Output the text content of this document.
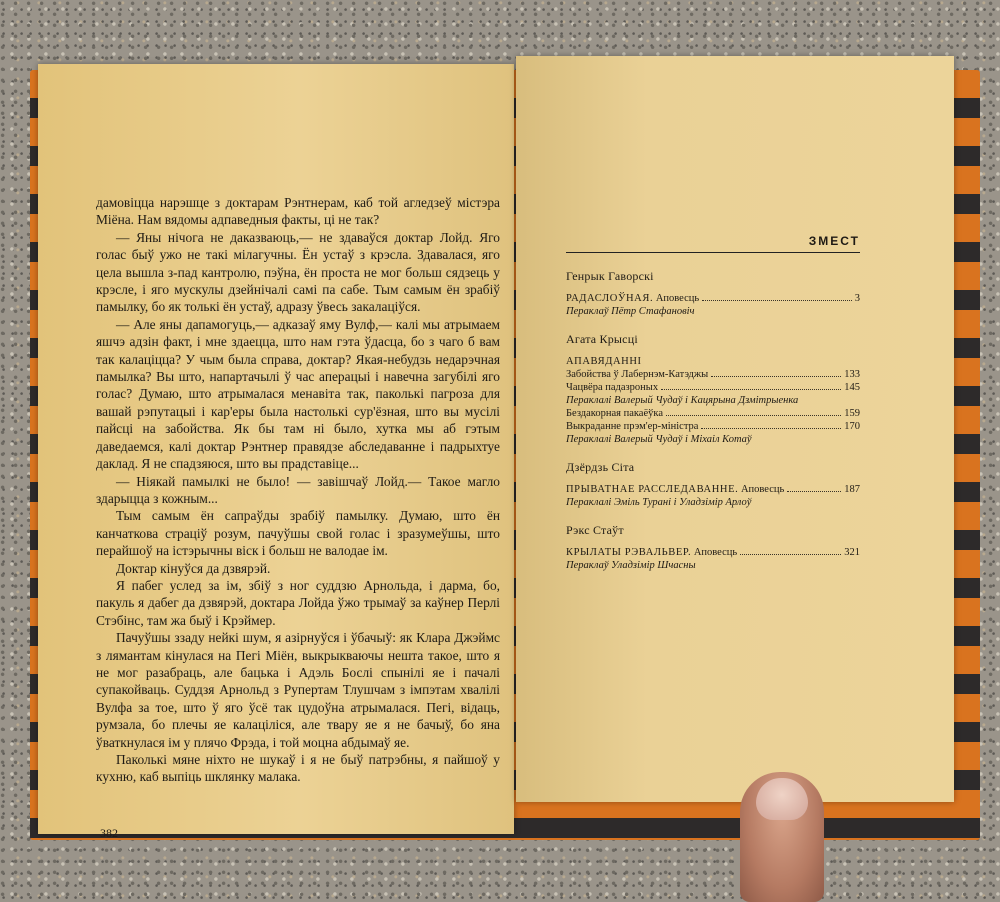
дамовіцца нарэшце з доктарам Рэнтнерам, каб той агледзеў містэра Мiёна. Нам вядомы адпаведныя факты, ці не так?

— Яны нічога не даказваюць,— не здаваўся доктар Лойд. Яго голас быў ужо не такі мілагучны. Ён устаў з крэсла. Здавалася, яго цела вышла з-пад кантролю, пэўна, ён проста не мог больш сядзець у крэсле, і яго мускулы дзейнічалі самі па сабе. Тым самым ён зрабіў памылку, бо як толькі ён устаў, адразу ўвесь закалаціўся.

— Але яны дапамогуць,— адказаў яму Вулф,— калі мы атрымаем яшчэ адзін факт, і мне здаецца, што нам гэта ўдасца, бо з чаго б вам так калаціцца? У чым была справа, доктар? Якая-небудзь недарэчная памылка? Вы што, напартачылі ў час аперацыі і навечна загубілі яго голас? Думаю, што атрымалася менавіта так, паколькі пагроза для вашай рэпутацыі і кар'еры была настолькі сур'ёзная, што вы мусілі пайсці на забойства. Як бы там ні было, хутка мы аб гэтым даведаемся, калі доктар Рэнтнер правядзе абследаванне і падрыхтуе даклад. Я не спадзяюся, што вы прадставіце...

— Ніякай памылкі не было! — завішчаў Лойд.— Такое магло здарыцца з кожным...

Тым самым ён сапраўды зрабіў памылку. Думаю, што ён канчаткова страціў розум, пачуўшы свой голас і зразумеўшы, што перайшоў на істэрычны віск і больш не валодае ім.

Доктар кінуўся да дзвярэй.

Я пабег услед за ім, збіў з ног суддзю Арнольда, і дарма, бо, пакуль я дабег да дзвярэй, доктара Лойда ўжо трымаў за каўнер Перлі Стэбінс, там жа быў і Крэймер.

Пачуўшы ззаду нейкі шум, я азірнуўся і ўбачыў: як Клара Джэймс з лямантам кінулася на Пегі Мiён, выкрыкваючы нешта такое, што я не мог разабраць, але бацька і Адэль Бослі спынілі яе і пачалі супакойваць. Суддзя Арнольд з Рупертам Тлушчам з імпэтам хвалілі Вулфа за тое, што ў яго ўсё так цудоўна атрымалася. Пегі, відаць, румзала, бо плечы яе калаціліся, але твару яе я не бачыў, бо яна ўваткнулася ім у плячо Фрэда, і той моцна абдымаў яе.

Паколькі мяне ніхто не шукаў і я не быў патрэбны, я пайшоў у кухню, каб выпіць шклянку малака.

382
ЗМЕСТ
Генрык Гаворскі
РАДАСЛОЎНАЯ.
Аповесць	3
Пераклаў Пётр Стафановіч
Агата Крысці
АПАВЯДАННІ
Забойства ў Лабернэм-Катэджы	133
Чацвёра падазроных	145
Пераклалі Валерый Чудаў і Кацярына Дзмітрыенка
Бездакорная пакаёўка	159
Выкраданне прэм'ер-міністра	170
Пераклалі Валерый Чудаў і Міхаіл Котаў
Дзёрдзь Сіта
ПРЫВАТНАЕ РАССЛЕДАВАННЕ.
Аповесць	187
Пераклалі Эміль Турані і Уладзімір Арлоў
Рэкс Стаўт
КРЫЛАТЫ РЭВАЛЬВЕР.
Аповесць	321
Пераклаў Уладзімір Шчасны
